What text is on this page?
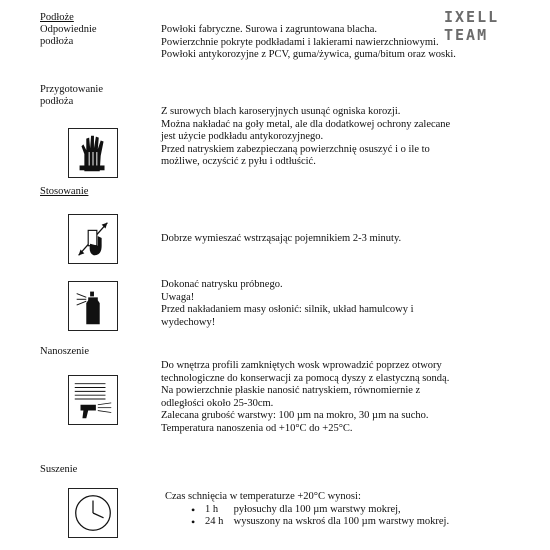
IXELL TEAM
Podłoże
Odpowiednie
podłoża
Powłoki fabryczne. Surowa i zagruntowana blacha.
Powierzchnie pokryte podkładami i lakierami nawierzchniowymi.
Powłoki antykorozyjne z PCV, guma/żywica, guma/bitum oraz woski.
Przygotowanie
podłoża
Z surowych blach karoseryjnych usunąć ogniska korozji.
Można nakładać na goły metal, ale dla dodatkowej ochrony zalecane
jest użycie podkładu antykorozyjnego.
Przed natryskiem zabezpieczaną powierzchnię osuszyć i o ile to
możliwe, oczyścić z pyłu i odtłuścić.
Stosowanie
Dobrze wymieszać wstrząsając pojemnikiem 2-3 minuty.
Dokonać natrysku próbnego.
Uwaga!
Przed nakładaniem masy osłonić: silnik, układ hamulcowy i
wydechowy!
Nanoszenie
Do wnętrza profili zamkniętych wosk wprowadzić poprzez otwory
technologiczne do konserwacji za pomocą dyszy z elastyczną sondą.
Na powierzchnie płaskie nanosić natryskiem, równomiernie z
odległości około 25-30cm.
Zalecana grubość warstwy: 100 µm na mokro, 30 µm na sucho.
Temperatura nanoszenia od +10°C do +25°C.
Suszenie
Czas schnięcia w temperaturze +20°C wynosi:
• 1 h pyłosuchy dla 100 µm warstwy mokrej,
• 24 h wysuszony na wskroś dla 100 µm warstwy mokrej.
